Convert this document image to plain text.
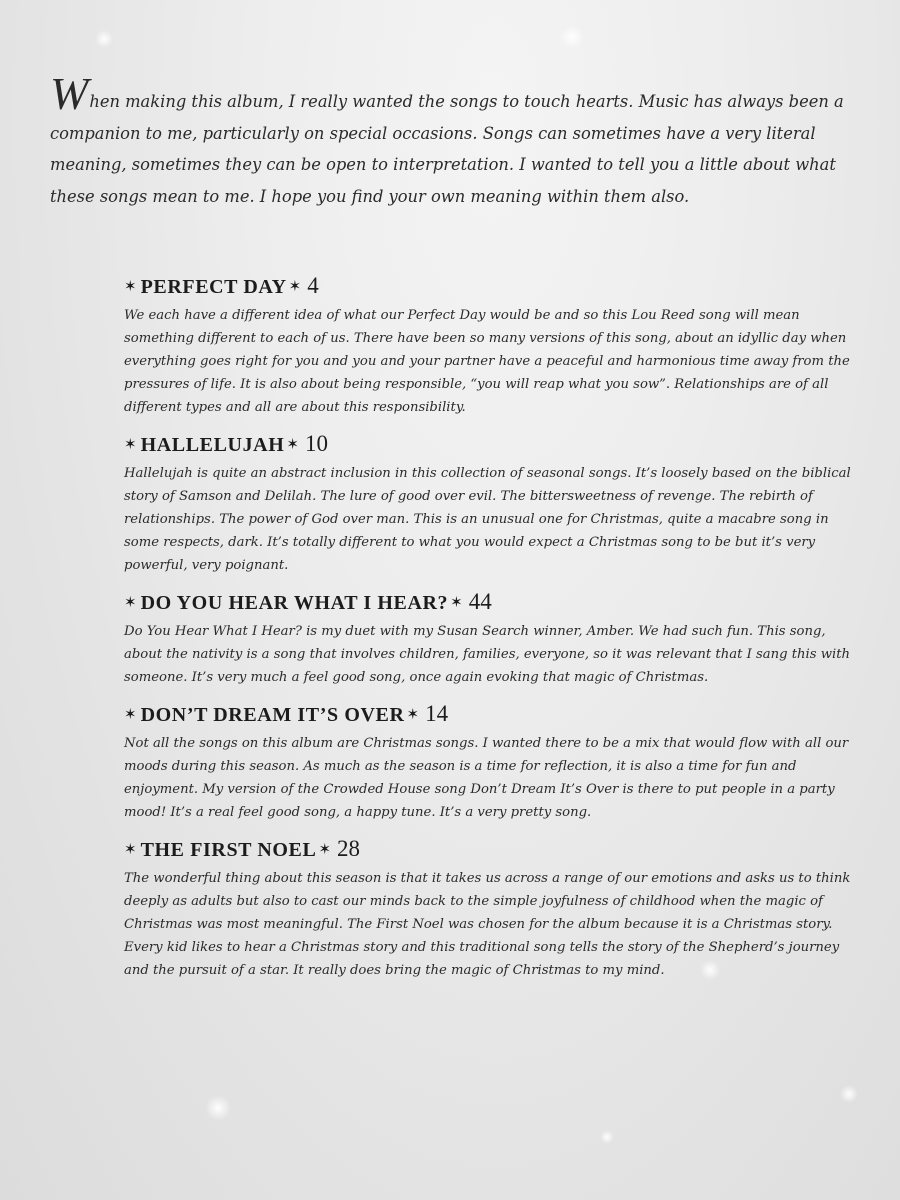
When making this album, I really wanted the songs to touch hearts. Music has always been a companion to me, particularly on special occasions. Songs can sometimes have a very literal meaning, sometimes they can be open to interpretation. I wanted to tell you a little about what these songs mean to me. I hope you find your own meaning within them also.

✶ PERFECT DAY ✶ 4

We each have a different idea of what our Perfect Day would be and so this Lou Reed song will mean something different to each of us. There have been so many versions of this song, about an idyllic day when everything goes right for you and you and your partner have a peaceful and harmonious time away from the pressures of life. It is also about being responsible, “you will reap what you sow”. Relationships are of all different types and all are about this responsibility.

✶ HALLELUJAH ✶ 10

Hallelujah is quite an abstract inclusion in this collection of seasonal songs. It’s loosely based on the biblical story of Samson and Delilah. The lure of good over evil. The bittersweetness of revenge. The rebirth of relationships. The power of God over man. This is an unusual one for Christmas, quite a macabre song in some respects, dark. It’s totally different to what you would expect a Christmas song to be but it’s very powerful, very poignant.

✶ DO YOU HEAR WHAT I HEAR? ✶ 44

Do You Hear What I Hear? is my duet with my Susan Search winner, Amber. We had such fun. This song, about the nativity is a song that involves children, families, everyone, so it was relevant that I sang this with someone. It’s very much a feel good song, once again evoking that magic of Christmas.

✶ DON’T DREAM IT’S OVER ✶ 14

Not all the songs on this album are Christmas songs. I wanted there to be a mix that would flow with all our moods during this season. As much as the season is a time for reflection, it is also a time for fun and enjoyment. My version of the Crowded House song Don’t Dream It’s Over is there to put people in a party mood! It’s a real feel good song, a happy tune. It’s a very pretty song.

✶ THE FIRST NOEL ✶ 28

The wonderful thing about this season is that it takes us across a range of our emotions and asks us to think deeply as adults but also to cast our minds back to the simple joyfulness of childhood when the magic of Christmas was most meaningful. The First Noel was chosen for the album because it is a Christmas story. Every kid likes to hear a Christmas story and this traditional song tells the story of the Shepherd’s journey and the pursuit of a star. It really does bring the magic of Christmas to my mind.
